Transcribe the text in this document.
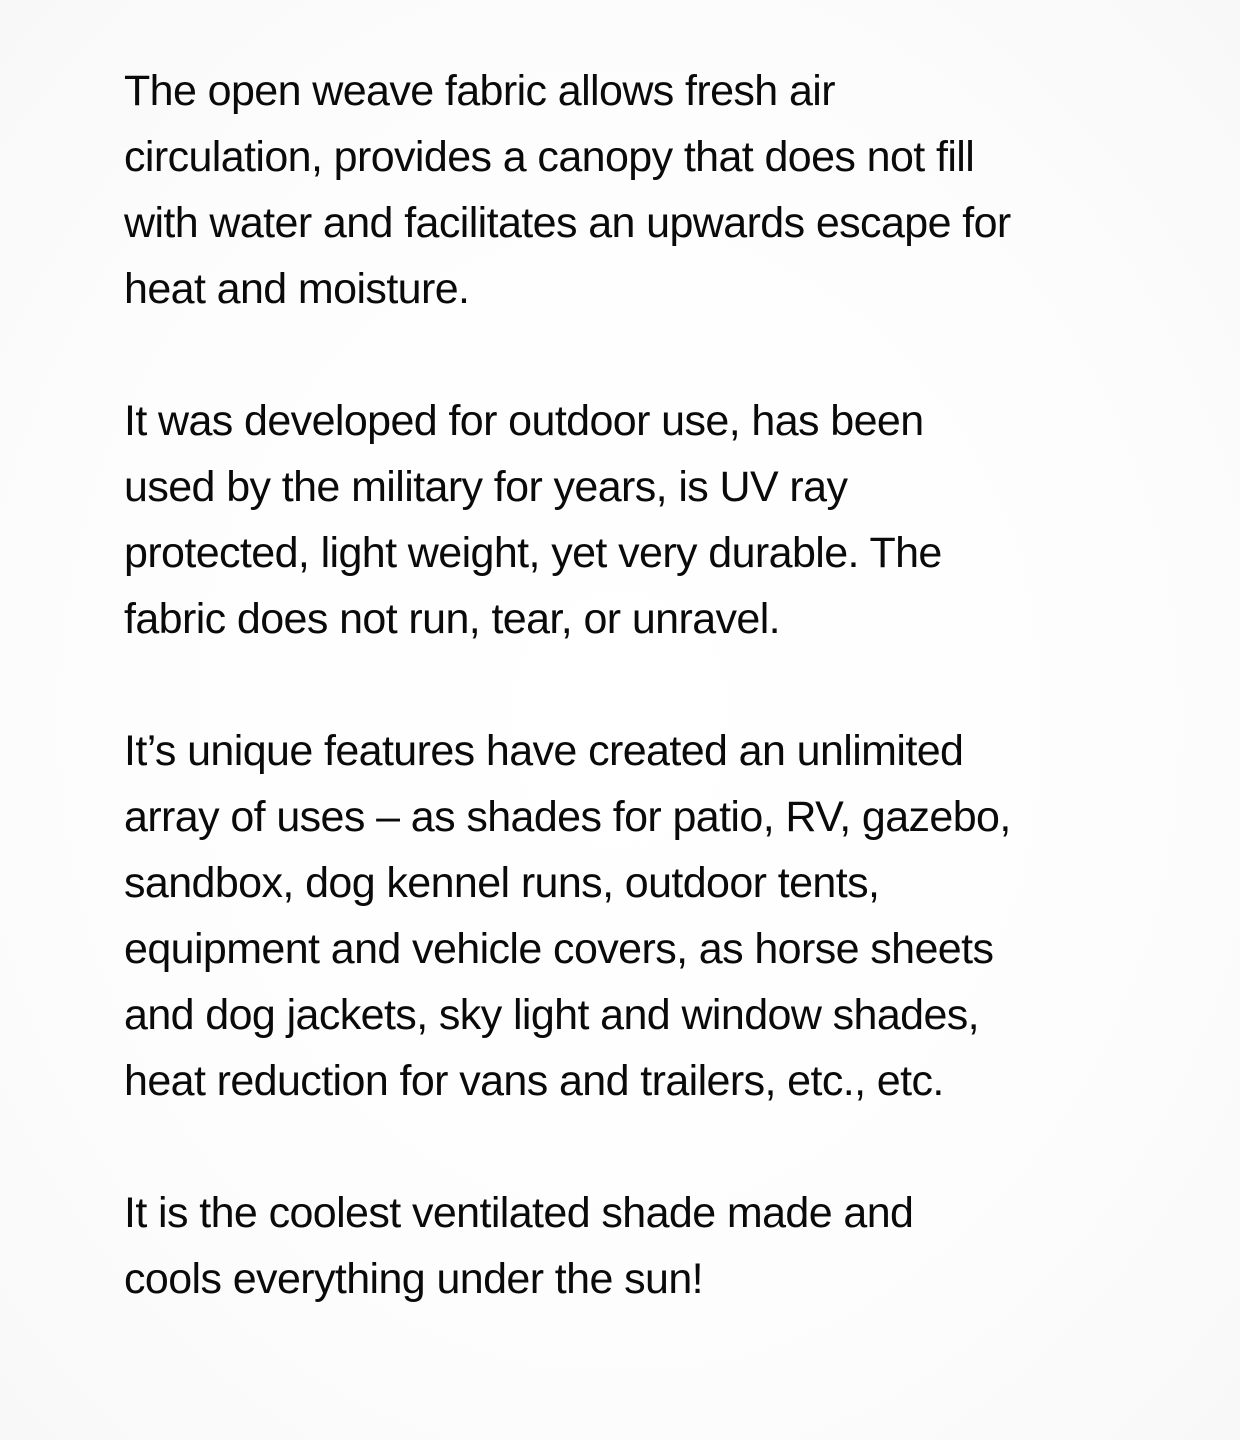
The open weave fabric allows fresh air
circulation, provides a canopy that does not fill
with water and facilitates an upwards escape for
heat and moisture.

It was developed for outdoor use, has been
used by the military for years, is UV ray
protected, light weight, yet very durable. The
fabric does not run, tear, or unravel.

It’s unique features have created an unlimited
array of uses – as shades for patio, RV, gazebo,
sandbox, dog kennel runs, outdoor tents,
equipment and vehicle covers, as horse sheets
and dog jackets, sky light and window shades,
heat reduction for vans and trailers, etc., etc.

It is the coolest ventilated shade made and
cools everything under the sun!
